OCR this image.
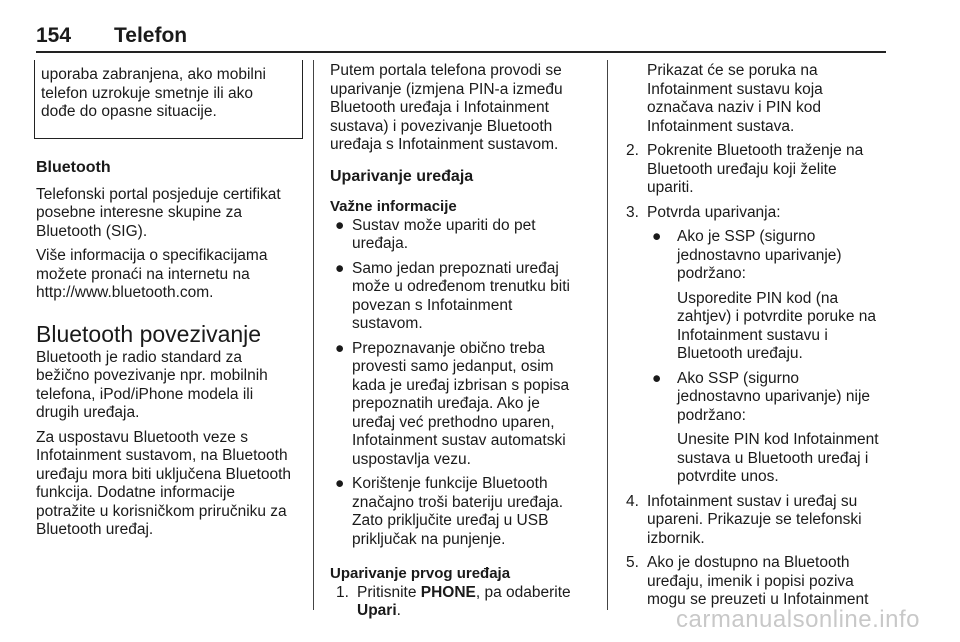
154 Telefon

uporaba zabranjena, ako mobilni

telefon uzrokuje smetnje ili ako

dođe do opasne situacije.

Bluetooth

Telefonski portal posjeduje certifikat

posebne interesne skupine za

Bluetooth (SIG).

Više informacija o specifikacijama

možete pronaći na internetu na

http://www.bluetooth.com.

Bluetooth povezivanje

Bluetooth je radio standard za

bežično povezivanje npr. mobilnih

telefona, iPod/iPhone modela ili

drugih uređaja.

Za uspostavu Bluetooth veze s

Infotainment sustavom, na Bluetooth

uređaju mora biti uključena Bluetooth

funkcija. Dodatne informacije

potražite u korisničkom priručniku za

Bluetooth uređaj.

Putem portala telefona provodi se

uparivanje (izmjena PIN-a između

Bluetooth uređaja i Infotainment

sustava) i povezivanje Bluetooth

uređaja s Infotainment sustavom.

Uparivanje uređaja

Važne informacije

● Sustav može upariti do pet

uređaja.

● Samo jedan prepoznati uređaj

može u određenom trenutku biti

povezan s Infotainment

sustavom.

● Prepoznavanje obično treba

provesti samo jedanput, osim

kada je uređaj izbrisan s popisa

prepoznatih uređaja. Ako je

uređaj već prethodno uparen,

Infotainment sustav automatski

uspostavlja vezu.

● Korištenje funkcije Bluetooth

značajno troši bateriju uređaja.

Zato priključite uređaj u USB

priključak na punjenje.

Uparivanje prvog uređaja

1. Pritisnite PHONE, pa odaberite

Upari.

Prikazat će se poruka na

Infotainment sustavu koja

označava naziv i PIN kod

Infotainment sustava.

2. Pokrenite Bluetooth traženje na

Bluetooth uređaju koji želite

upariti.

3. Potvrda uparivanja:

● Ako je SSP (sigurno

jednostavno uparivanje)

podržano:

Usporedite PIN kod (na

zahtjev) i potvrdite poruke na

Infotainment sustavu i

Bluetooth uređaju.

● Ako SSP (sigurno

jednostavno uparivanje) nije

podržano:

Unesite PIN kod Infotainment

sustava u Bluetooth uređaj i

potvrdite unos.

4. Infotainment sustav i uređaj su

upareni. Prikazuje se telefonski

izbornik.

5. Ako je dostupno na Bluetooth

uređaju, imenik i popisi poziva

mogu se preuzeti u Infotainment

carmanualsonline.info
